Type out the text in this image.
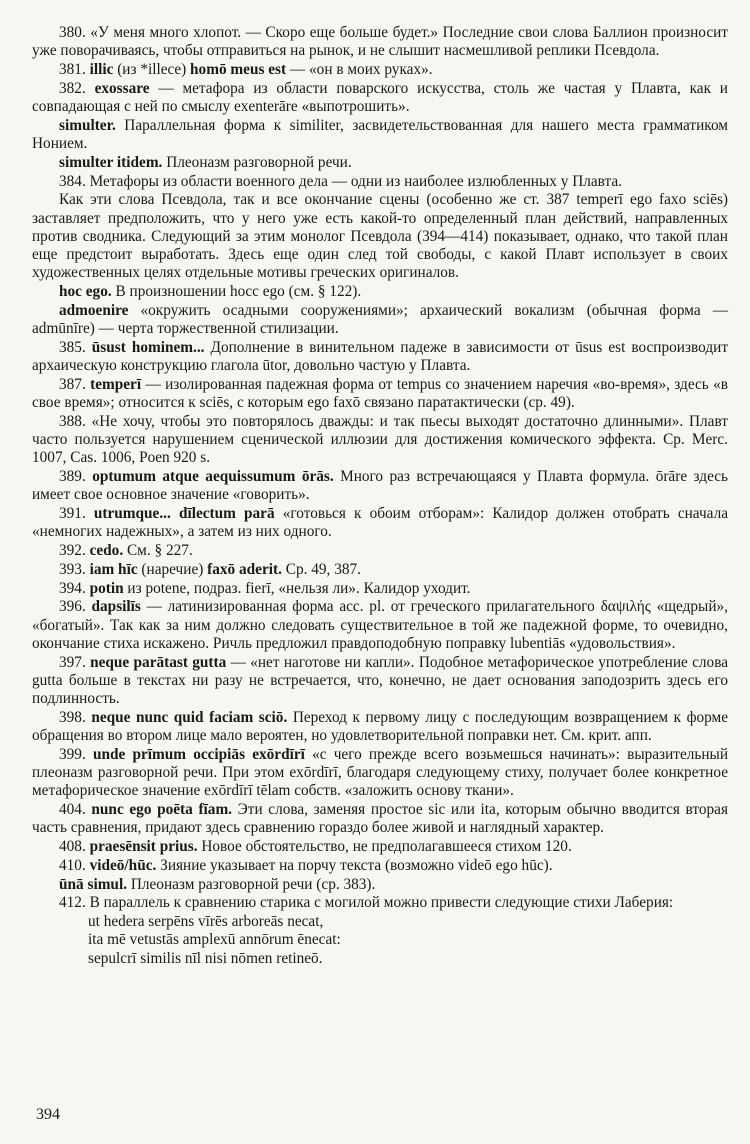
380. «У меня много хлопот. — Скоро еще больше будет.» Последние свои слова Баллион произносит уже поворачиваясь, чтобы отправиться на рынок, и не слышит насмешливой реплики Псевдола.

381. illic (из *illece) homō meus est — «он в моих руках».

382. exossare — метафора из области поварского искусства, столь же частая у Плавта, как и совпадающая с ней по смыслу exenterāre «выпотрошить».

simulter. Параллельная форма к similiter, засвидетельствованная для нашего места грамматиком Нонием.

simulter itidem. Плеоназм разговорной речи.

384. Метафоры из области военного дела — одни из наиболее излюбленных у Плавта.

Как эти слова Псевдола, так и все окончание сцены (особенно же ст. 387 temperī ego faxo sciēs) заставляет предположить, что у него уже есть какой-то определенный план действий, направленных против сводника. Следующий за этим монолог Псевдола (394—414) показывает, однако, что такой план еще предстоит выработать. Здесь еще один след той свободы, с какой Плавт использует в своих художественных целях отдельные мотивы греческих оригиналов.

hoc ego. В произношении hocc ego (см. § 122).

admoenire «окружить осадными сооружениями»; архаический вокализм (обычная форма — admūnīre) — черта торжественной стилизации.

385. ūsust hominem... Дополнение в винительном падеже в зависимости от ūsus est воспроизводит архаическую конструкцию глагола ūtor, довольно частую у Плавта.

387. temperī — изолированная падежная форма от tempus со значением наречия «во-время», здесь «в свое время»; относится к sciēs, с которым ego faxō связано паратактически (ср. 49).

388. «Не хочу, чтобы это повторялось дважды: и так пьесы выходят достаточно длинными». Плавт часто пользуется нарушением сценической иллюзии для достижения комического эффекта. Ср. Merc. 1007, Cas. 1006, Poen 920 s.

389. optumum atque aequissumum ōrās. Много раз встречающаяся у Плавта формула. ōrāre здесь имеет свое основное значение «говорить».

391. utrumque... dīlectum parā «готовься к обоим отборам»: Калидор должен отобрать сначала «немногих надежных», а затем из них одного.

392. cedo. См. § 227.

393. iam hīc (наречие) faxō aderit. Ср. 49, 387.

394. potin из potene, подраз. fierī, «нельзя ли». Калидор уходит.

396. dapsilīs — латинизированная форма acc. pl. от греческого прилагательного δαψιλής «щедрый», «богатый». Так как за ним должно следовать существительное в той же падежной форме, то очевидно, окончание стиха искажено. Ричль предложил правдоподобную поправку lubentiās «удовольствия».

397. neque parātast gutta — «нет наготове ни капли». Подобное метафорическое употребление слова gutta больше в текстах ни разу не встречается, что, конечно, не дает основания заподозрить здесь его подлинность.

398. neque nunc quid faciam sciō. Переход к первому лицу с последующим возвращением к форме обращения во втором лице мало вероятен, но удовлетворительной поправки нет. См. крит. апп.

399. unde prīmum occipiās exōrdīrī «с чего прежде всего возьмешься начинать»: выразительный плеоназм разговорной речи. При этом exōrdīrī, благодаря следующему стиху, получает более конкретное метафорическое значение exōrdīrī tēlam собств. «заложить основу ткани».

404. nunc ego poēta fīam. Эти слова, заменяя простое sic или ita, которым обычно вводится вторая часть сравнения, придают здесь сравнению гораздо более живой и наглядный характер.

408. praesēnsit prius. Новое обстоятельство, не предполагавшееся стихом 120.

410. videō/hūc. Зияние указывает на порчу текста (возможно videō ego hūc).

ūnā simul. Плеоназм разговорной речи (ср. 383).

412. В параллель к сравнению старика с могилой можно привести следующие стихи Лаберия:

ut hedera serpēns vīrēs arboreās necat,
ita mē vetustās amplexū annōrum ēnecat:
sepulcrī similis nīl nisi nōmen retineō.
394
